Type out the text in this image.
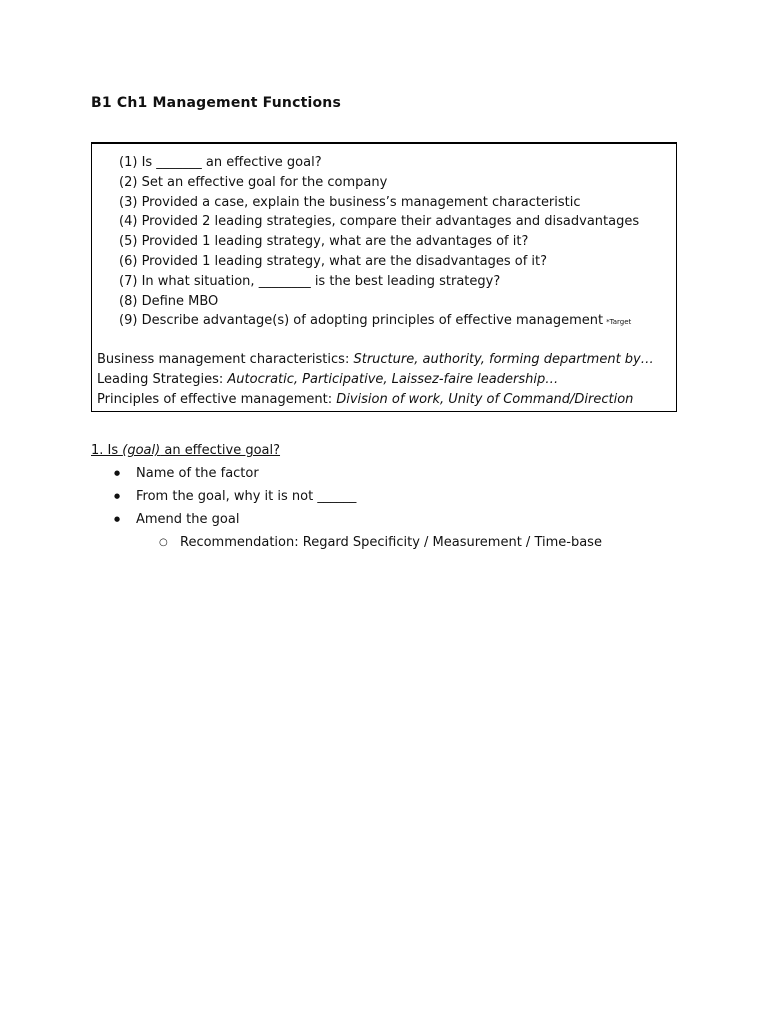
B1 Ch1 Management Functions
(1) Is _______ an effective goal?
(2) Set an effective goal for the company
(3) Provided a case, explain the business’s management characteristic
(4) Provided 2 leading strategies, compare their advantages and disadvantages
(5) Provided 1 leading strategy, what are the advantages of it?
(6) Provided 1 leading strategy, what are the disadvantages of it?
(7) In what situation, ________ is the best leading strategy?
(8) Define MBO
(9) Describe advantage(s) of adopting principles of effective management *Target
Business management characteristics: Structure, authority, forming department by…
Leading Strategies: Autocratic, Participative, Laissez-faire leadership…
Principles of effective management: Division of work, Unity of Command/Direction
1. Is (goal) an effective goal?
● Name of the factor
● From the goal, why it is not ______
● Amend the goal
○ Recommendation: Regard Specificity / Measurement / Time-base
